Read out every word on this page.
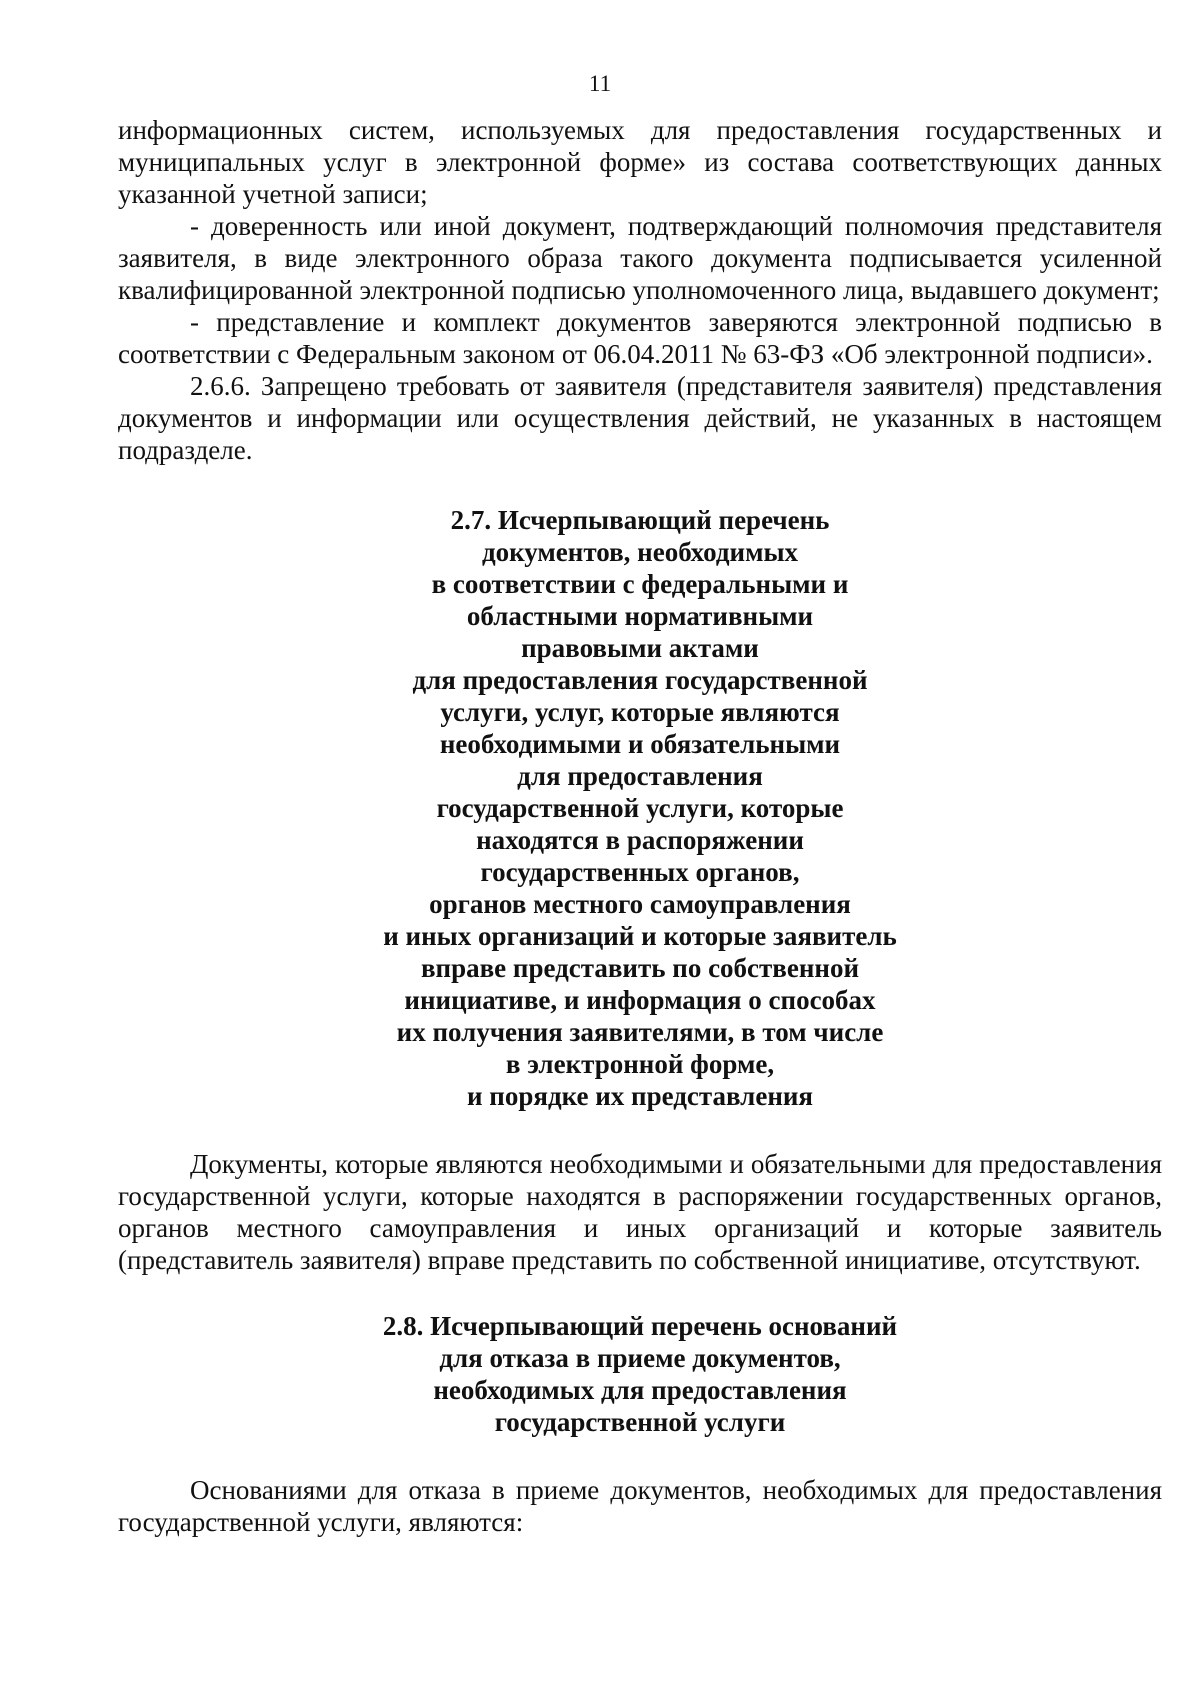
11

информационных систем, используемых для предоставления государственных и муниципальных услуг в электронной форме» из состава соответствующих данных указанной учетной записи;

- доверенность или иной документ, подтверждающий полномочия представителя заявителя, в виде электронного образа такого документа подписывается усиленной квалифицированной электронной подписью уполномоченного лица, выдавшего документ;

- представление и комплект документов заверяются электронной подписью в соответствии с Федеральным законом от 06.04.2011 № 63-ФЗ «Об электронной подписи».

2.6.6. Запрещено требовать от заявителя (представителя заявителя) представления документов и информации или осуществления действий, не указанных в настоящем подразделе.

2.7. Исчерпывающий перечень
документов, необходимых
в соответствии с федеральными и
областными нормативными
правовыми актами
для предоставления государственной
услуги, услуг, которые являются
необходимыми и обязательными
для предоставления
государственной услуги, которые
находятся в распоряжении
государственных органов,
органов местного самоуправления
и иных организаций и которые заявитель
вправе представить по собственной
инициативе, и информация о способах
их получения заявителями, в том числе
в электронной форме,
и порядке их представления

Документы, которые являются необходимыми и обязательными для предоставления государственной услуги, которые находятся в распоряжении государственных органов, органов местного самоуправления и иных организаций и которые заявитель (представитель заявителя) вправе представить по собственной инициативе, отсутствуют.

2.8. Исчерпывающий перечень оснований
для отказа в приеме документов,
необходимых для предоставления
государственной услуги

Основаниями для отказа в приеме документов, необходимых для предоставления государственной услуги, являются:
